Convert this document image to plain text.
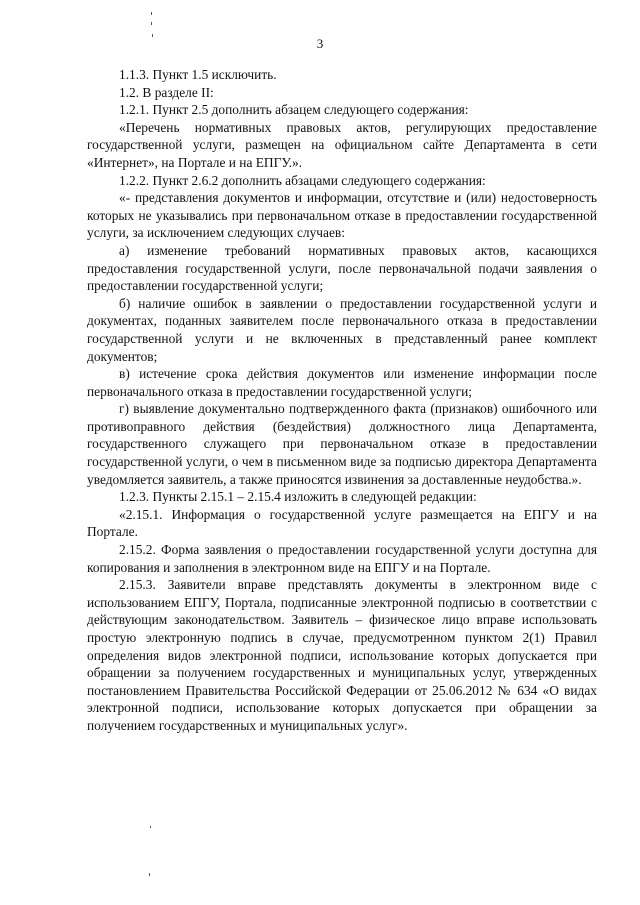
3

1.1.3. Пункт 1.5 исключить.

1.2. В разделе II:

1.2.1. Пункт 2.5 дополнить абзацем следующего содержания:

«Перечень нормативных правовых актов, регулирующих предоставление государственной услуги, размещен на официальном сайте Департамента в сети «Интернет», на Портале и на ЕПГУ.».

1.2.2. Пункт 2.6.2 дополнить абзацами следующего содержания:

«- представления документов и информации, отсутствие и (или) недостоверность которых не указывались при первоначальном отказе в предоставлении государственной услуги, за исключением следующих случаев:

а) изменение требований нормативных правовых актов, касающихся предоставления государственной услуги, после первоначальной подачи заявления о предоставлении государственной услуги;

б) наличие ошибок в заявлении о предоставлении государственной услуги и документах, поданных заявителем после первоначального отказа в предоставлении государственной услуги и не включенных в представленный ранее комплект документов;

в) истечение срока действия документов или изменение информации после первоначального отказа в предоставлении государственной услуги;

г) выявление документально подтвержденного факта (признаков) ошибочного или противоправного действия (бездействия) должностного лица Департамента, государственного служащего при первоначальном отказе в предоставлении государственной услуги, о чем в письменном виде за подписью директора Департамента уведомляется заявитель, а также приносятся извинения за доставленные неудобства.».

1.2.3. Пункты 2.15.1 – 2.15.4 изложить в следующей редакции:

«2.15.1. Информация о государственной услуге размещается на ЕПГУ и на Портале.

2.15.2. Форма заявления о предоставлении государственной услуги доступна для копирования и заполнения в электронном виде на ЕПГУ и на Портале.

2.15.3. Заявители вправе представлять документы в электронном виде с использованием ЕПГУ, Портала, подписанные электронной подписью в соответствии с действующим законодательством. Заявитель – физическое лицо вправе использовать простую электронную подпись в случае, предусмотренном пунктом 2(1) Правил определения видов электронной подписи, использование которых допускается при обращении за получением государственных и муниципальных услуг, утвержденных постановлением Правительства Российской Федерации от 25.06.2012 № 634 «О видах электронной подписи, использование которых допускается при обращении за получением государственных и муниципальных услуг».
